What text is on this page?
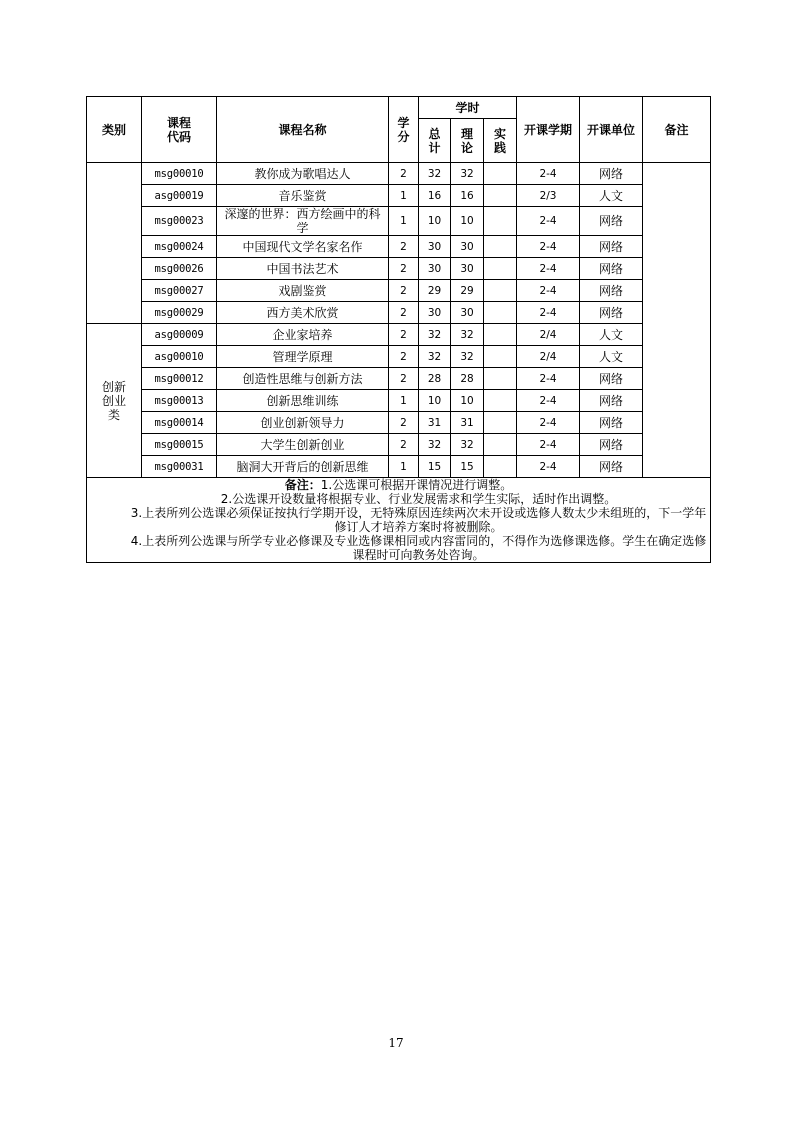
类别	课程代码	课程名称	学分	学时			开课学期	开课单位	备注
				总计	理论	实践			
	msg00010	教你成为歌唱达人	2	32	32		2-4	网络	
	asg00019	音乐鉴赏	1	16	16		2/3	人文	
	msg00023	深邃的世界：西方绘画中的科学	1	10	10		2-4	网络	
	msg00024	中国现代文学名家名作	2	30	30		2-4	网络	
	msg00026	中国书法艺术	2	30	30		2-4	网络	
	msg00027	戏剧鉴赏	2	29	29		2-4	网络	
	msg00029	西方美术欣赏	2	30	30		2-4	网络	
创新创业类	asg00009	企业家培养	2	32	32		2/4	人文	
	asg00010	管理学原理	2	32	32		2/4	人文	
	msg00012	创造性思维与创新方法	2	28	28		2-4	网络	
	msg00013	创新思维训练	1	10	10		2-4	网络	
	msg00014	创业创新领导力	2	31	31		2-4	网络	
	msg00015	大学生创新创业	2	32	32		2-4	网络	
	msg00031	脑洞大开背后的创新思维	1	15	15		2-4	网络	
备注：1.公选课可根据开课情况进行调整。
2.公选课开设数量将根据专业、行业发展需求和学生实际，适时作出调整。
3.上表所列公选课必须保证按执行学期开设，无特殊原因连续两次未开设或选修人数太少未组班的，下一学年修订人才培养方案时将被删除。
4.上表所列公选课与所学专业必修课及专业选修课相同或内容雷同的，不得作为选修课选修。学生在确定选修课程时可向教务处咨询。									
17
